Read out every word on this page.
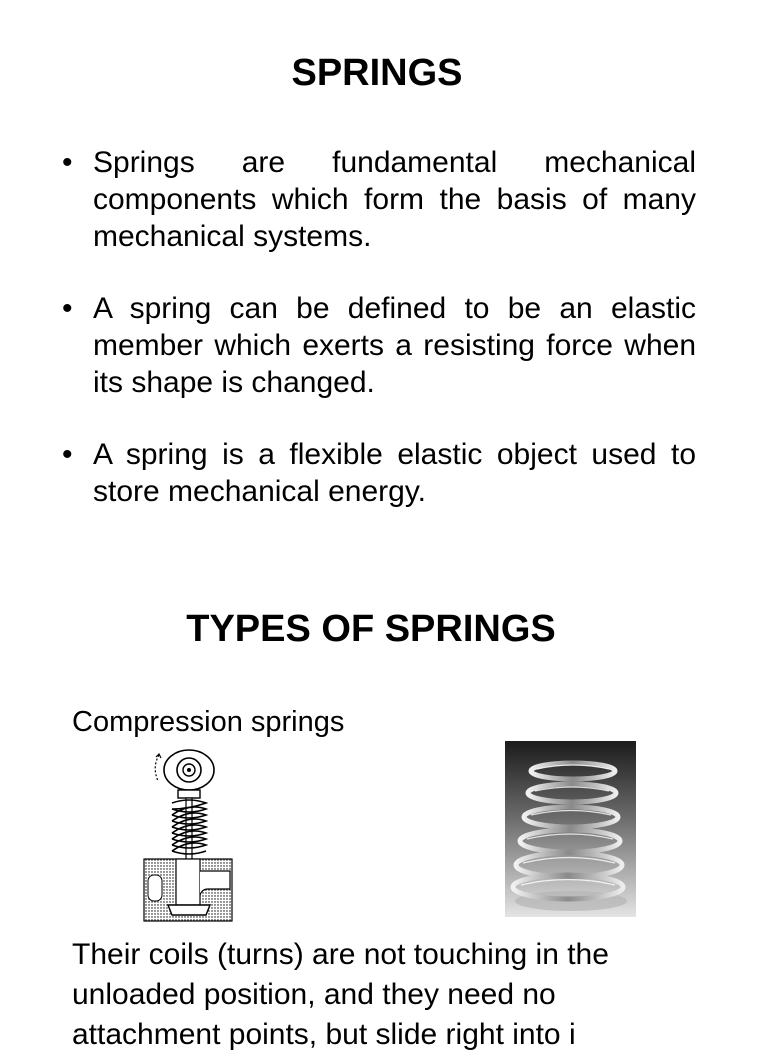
SPRINGS
• Springs are fundamental mechanical components which form the basis of many mechanical systems.
• A spring can be defined to be an elastic member which exerts a resisting force when its shape is changed.
• A spring is a flexible elastic object used to store mechanical energy.
TYPES OF SPRINGS

Compression springs

Their coils (turns) are not touching in the
unloaded position, and they need no
attachment points, but slide right into i
